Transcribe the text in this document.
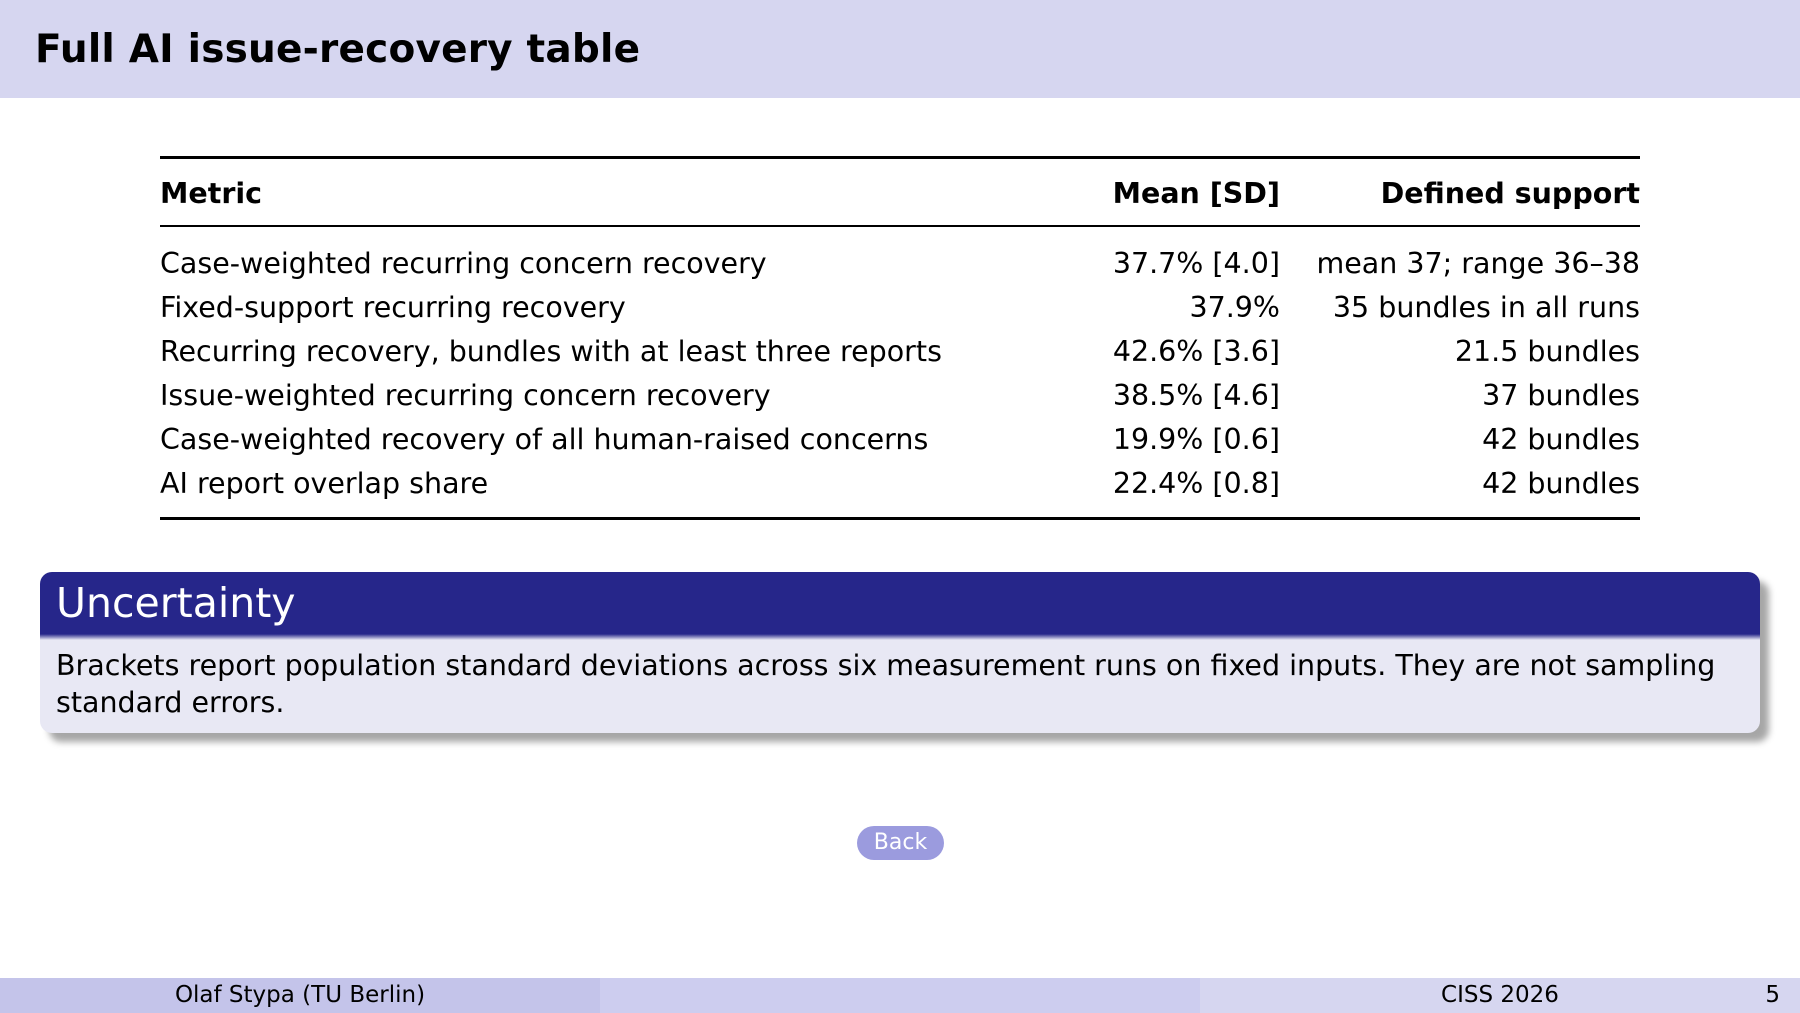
Full AI issue-recovery table
Metric	Mean [SD]	Defined support
Case-weighted recurring concern recovery	37.7% [4.0]	mean 37; range 36–38
Fixed-support recurring recovery	37.9%	35 bundles in all runs
Recurring recovery, bundles with at least three reports	42.6% [3.6]	21.5 bundles
Issue-weighted recurring concern recovery	38.5% [4.6]	37 bundles
Case-weighted recovery of all human-raised concerns	19.9% [0.6]	42 bundles
AI report overlap share	22.4% [0.8]	42 bundles
Uncertainty
Brackets report population standard deviations across six measurement runs on fixed inputs. They are not sampling standard errors.
Back
Olaf Stypa (TU Berlin)	CISS 2026	5
